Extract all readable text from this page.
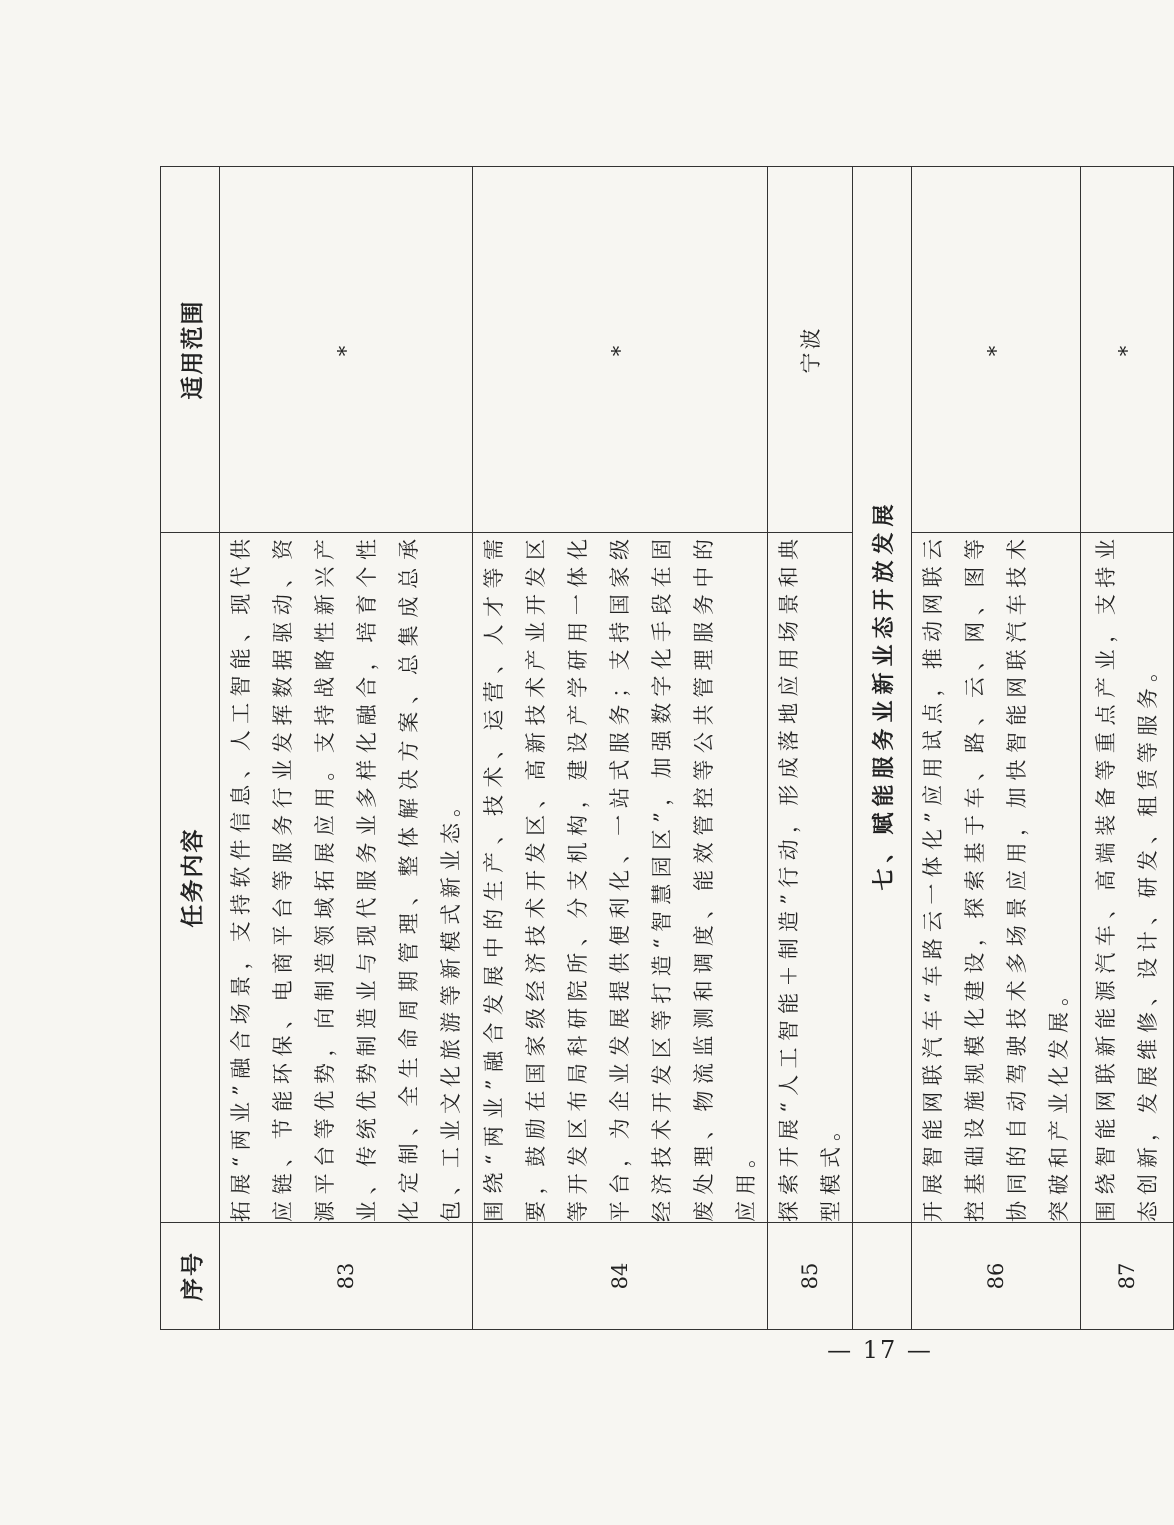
序号	任务内容	适用范围
83	拓展“两业”融合场景，支持软件信息、人工智能、现代供应链、节能环保、电商平台等服务行业发挥数据驱动、资源平台等优势，向制造领域拓展应用。支持战略性新兴产业、传统优势制造业与现代服务业多样化融合，培育个性化定制、全生命周期管理、整体解决方案、总集成总承包、工业文化旅游等新模式新业态。	*
84	围绕“两业”融合发展中的生产、技术、运营、人才等需要，鼓励在国家级经济技术开发区、高新技术产业开发区等开发区布局科研院所、分支机构，建设产学研用一体化平台，为企业发展提供便利化、一站式服务；支持国家级经济技术开发区等打造“智慧园区”，加强数字化手段在固废处理、物流监测和调度、能效管控等公共管理服务中的应用。	*
85	探索开展“人工智能＋制造”行动，形成落地应用场景和典型模式。	宁波
	七、赋能服务业新业态开放发展	
86	开展智能网联汽车“车路云一体化”应用试点，推动网联云控基础设施规模化建设，探索基于车、路、云、网、图等协同的自动驾驶技术多场景应用，加快智能网联汽车技术突破和产业化发展。	*
87	围绕智能网联新能源汽车、高端装备等重点产业，支持业态创新，发展维修、设计、研发、租赁等服务。	*
— 17 —
